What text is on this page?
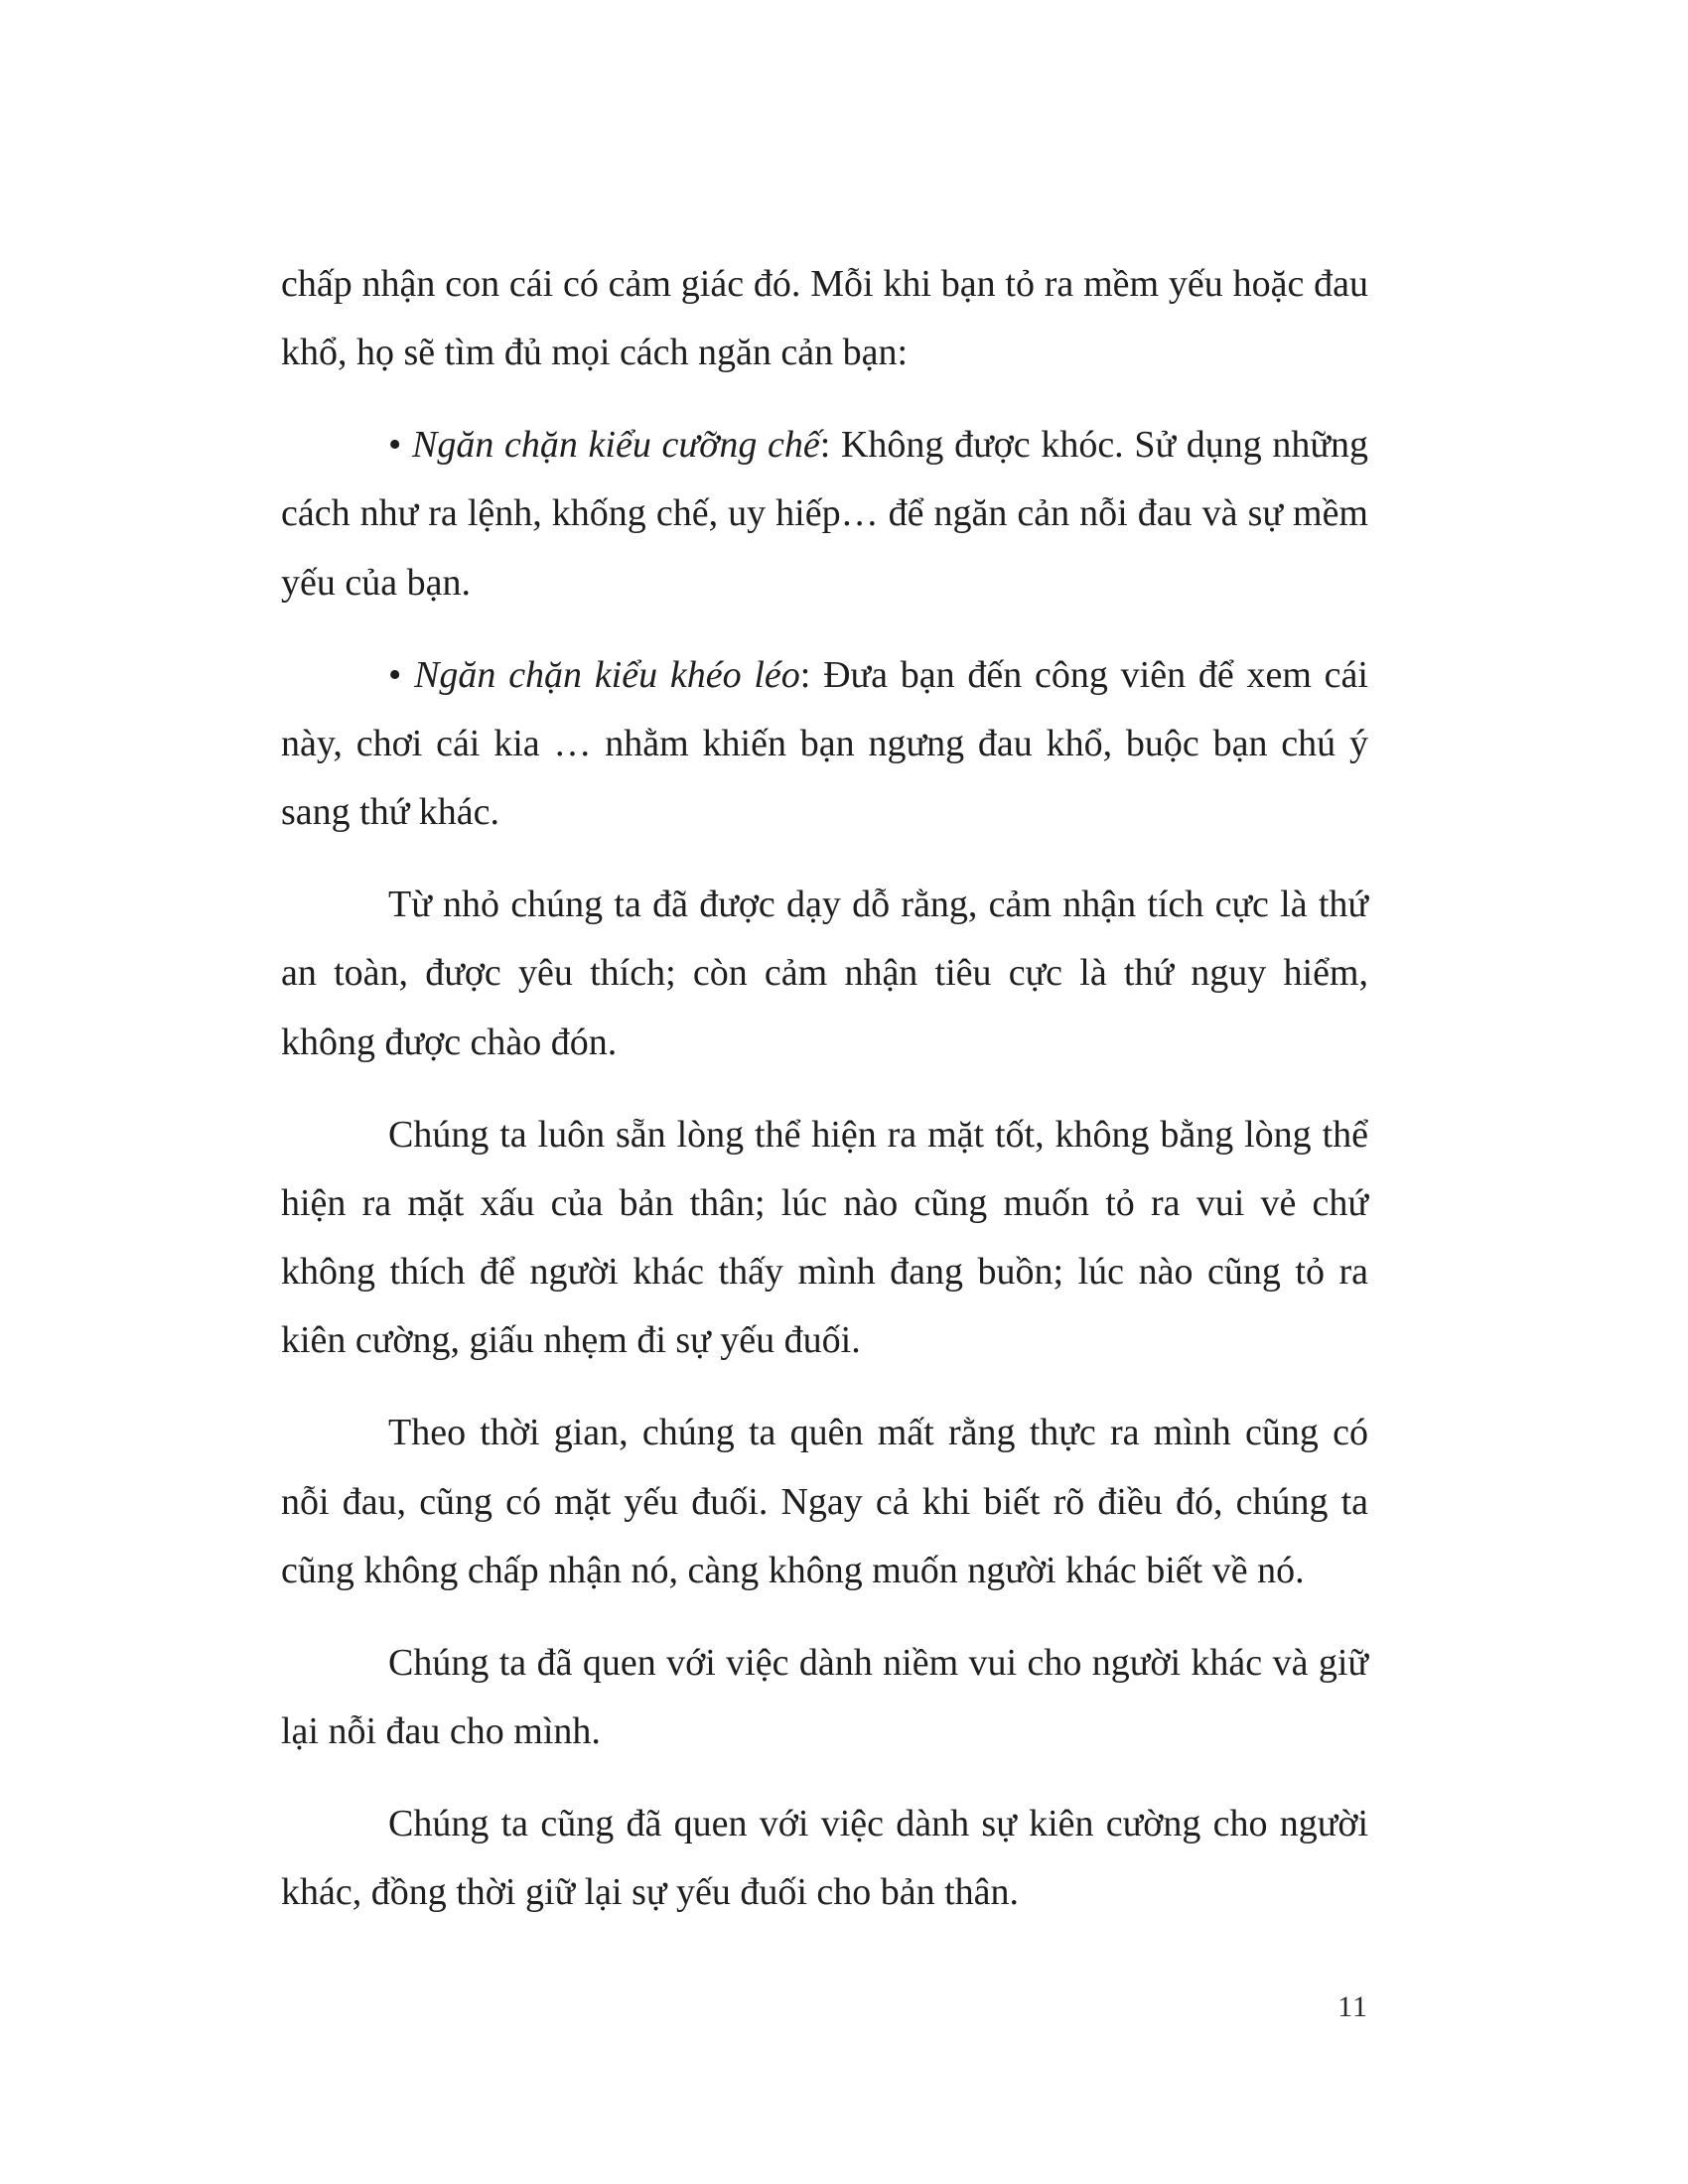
chấp nhận con cái có cảm giác đó. Mỗi khi bạn tỏ ra mềm yếu hoặc đau khổ, họ sẽ tìm đủ mọi cách ngăn cản bạn:

• Ngăn chặn kiểu cưỡng chế: Không được khóc. Sử dụng những cách như ra lệnh, khống chế, uy hiếp… để ngăn cản nỗi đau và sự mềm yếu của bạn.

• Ngăn chặn kiểu khéo léo: Đưa bạn đến công viên để xem cái này, chơi cái kia … nhằm khiến bạn ngưng đau khổ, buộc bạn chú ý sang thứ khác.

Từ nhỏ chúng ta đã được dạy dỗ rằng, cảm nhận tích cực là thứ an toàn, được yêu thích; còn cảm nhận tiêu cực là thứ nguy hiểm, không được chào đón.

Chúng ta luôn sẵn lòng thể hiện ra mặt tốt, không bằng lòng thể hiện ra mặt xấu của bản thân; lúc nào cũng muốn tỏ ra vui vẻ chứ không thích để người khác thấy mình đang buồn; lúc nào cũng tỏ ra kiên cường, giấu nhẹm đi sự yếu đuối.

Theo thời gian, chúng ta quên mất rằng thực ra mình cũng có nỗi đau, cũng có mặt yếu đuối. Ngay cả khi biết rõ điều đó, chúng ta cũng không chấp nhận nó, càng không muốn người khác biết về nó.

Chúng ta đã quen với việc dành niềm vui cho người khác và giữ lại nỗi đau cho mình.

Chúng ta cũng đã quen với việc dành sự kiên cường cho người khác, đồng thời giữ lại sự yếu đuối cho bản thân.

11
